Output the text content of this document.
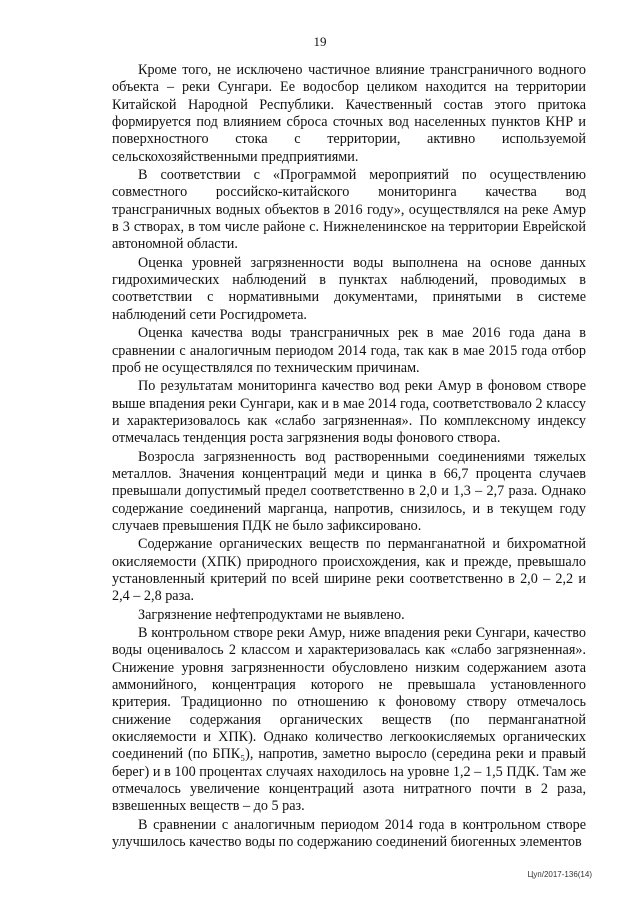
19

Кроме того, не исключено частичное влияние трансграничного водного объекта – реки Сунгари. Ее водосбор целиком находится на территории Китайской Народной Республики. Качественный состав этого притока формируется под влиянием сброса сточных вод населенных пунктов КНР и поверхностного стока с территории, активно используемой сельскохозяйственными предприятиями.

В соответствии с «Программой мероприятий по осуществлению совместного российско-китайского мониторинга качества вод трансграничных водных объектов в 2016 году», осуществлялся на реке Амур в 3 створах, в том числе районе с. Нижнеленинское на территории Еврейской автономной области.

Оценка уровней загрязненности воды выполнена на основе данных гидрохимических наблюдений в пунктах наблюдений, проводимых в соответствии с нормативными документами, принятыми в системе наблюдений сети Росгидромета.

Оценка качества воды трансграничных рек в мае 2016 года дана в сравнении с аналогичным периодом 2014 года, так как в мае 2015 года отбор проб не осуществлялся по техническим причинам.

По результатам мониторинга качество вод реки Амур в фоновом створе выше впадения реки Сунгари, как и в мае 2014 года, соответствовало 2 классу и характеризовалось как «слабо загрязненная». По комплексному индексу отмечалась тенденция роста загрязнения воды фонового створа.

Возросла загрязненность вод растворенными соединениями тяжелых металлов. Значения концентраций меди и цинка в 66,7 процента случаев превышали допустимый предел соответственно в 2,0 и 1,3 – 2,7 раза. Однако содержание соединений марганца, напротив, снизилось, и в текущем году случаев превышения ПДК не было зафиксировано.

Содержание органических веществ по перманганатной и бихроматной окисляемости (ХПК) природного происхождения, как и прежде, превышало установленный критерий по всей ширине реки соответственно в 2,0 – 2,2 и 2,4 – 2,8 раза.

Загрязнение нефтепродуктами не выявлено.

В контрольном створе реки Амур, ниже впадения реки Сунгари, качество воды оценивалось 2 классом и характеризовалась как «слабо загрязненная». Снижение уровня загрязненности обусловлено низким содержанием азота аммонийного, концентрация которого не превышала установленного критерия. Традиционно по отношению к фоновому створу отмечалось снижение содержания органических веществ (по перманганатной окисляемости и ХПК). Однако количество легкоокисляемых органических соединений (по БПК₅), напротив, заметно выросло (середина реки и правый берег) и в 100 процентах случаях находилось на уровне 1,2 – 1,5 ПДК. Там же отмечалось увеличение концентраций азота нитратного почти в 2 раза, взвешенных веществ – до 5 раз.

В сравнении с аналогичным периодом 2014 года в контрольном створе улучшилось качество воды по содержанию соединений биогенных элементов

Цуп/2017-136(14)
